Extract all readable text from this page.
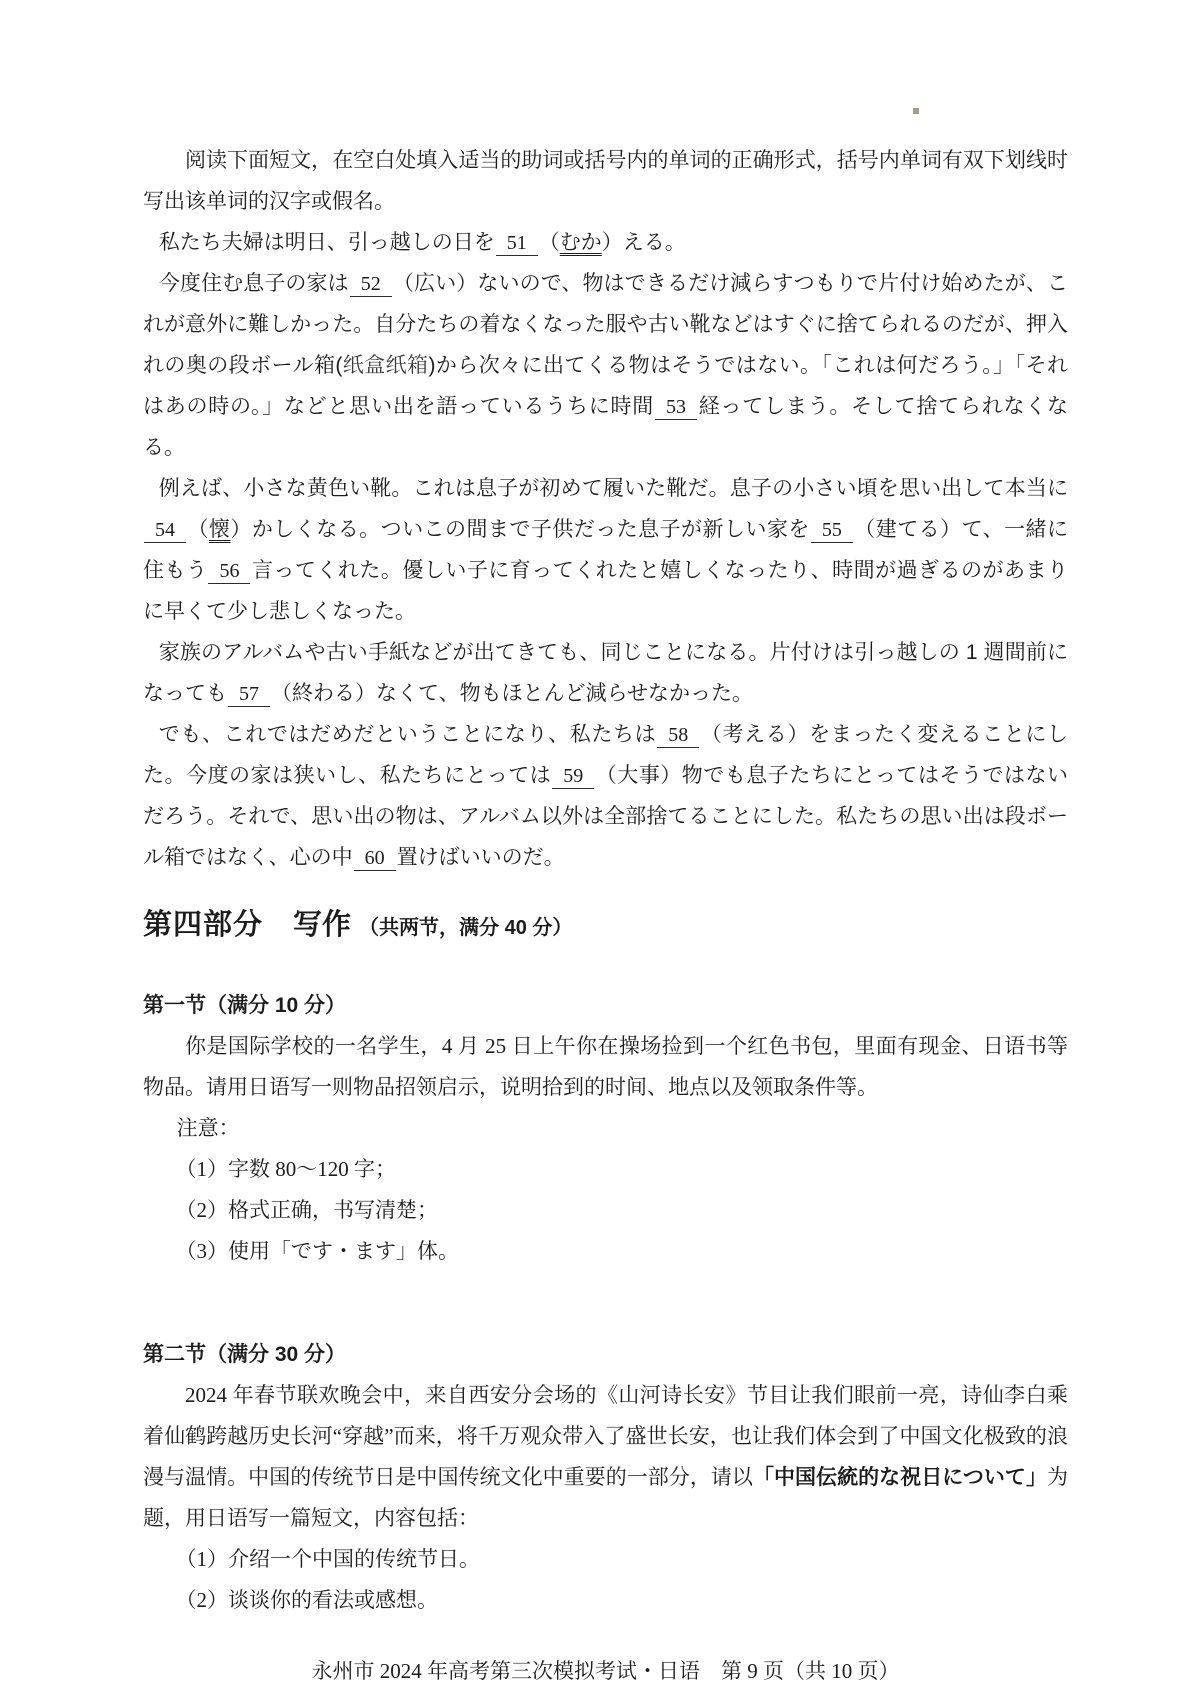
阅读下面短文，在空白处填入适当的助词或括号内的单词的正确形式，括号内单词有双下划线时写出该单词的汉字或假名。
私たち夫婦は明日、引っ越しの日を 51 （むか）える。
今度住む息子の家は 52 （広い）ないので、物はできるだけ減らすつもりで片付け始めたが、これが意外に難しかった。自分たちの着なくなった服や古い靴などはすぐに捨てられるのだが、押入れの奥の段ボール箱(纸盒纸箱)から次々に出てくる物はそうではない。「これは何だろう。」「それはあの時の。」などと思い出を語っているうちに時間 53 経ってしまう。そして捨てられなくなる。
例えば、小さな黄色い靴。これは息子が初めて履いた靴だ。息子の小さい頃を思い出して本当に54 （懐）かしくなる。ついこの間まで子供だった息子が新しい家を 55 （建てる）て、一緒に住もう 56 言ってくれた。優しい子に育ってくれたと嬉しくなったり、時間が過ぎるのがあまりに早くて少し悲しくなった。
家族のアルバムや古い手紙などが出てきても、同じことになる。片付けは引っ越しの 1 週間前になっても 57 （終わる）なくて、物もほとんど減らせなかった。
でも、これではだめだということになり、私たちは 58 （考える）をまったく変えることにした。今度の家は狭いし、私たちにとっては 59 （大事）物でも息子たちにとってはそうではないだろう。それで、思い出の物は、アルバム以外は全部捨てることにした。私たちの思い出は段ボール箱ではなく、心の中 60 置けばいいのだ。
第四部分 写作 （共两节，满分 40 分）
第一节（满分 10 分）
你是国际学校的一名学生，4 月 25 日上午你在操场捡到一个红色书包，里面有现金、日语书等物品。请用日语写一则物品招领启示，说明拾到的时间、地点以及领取条件等。
注意：
（1）字数 80～120 字；
（2）格式正确，书写清楚；
（3）使用「です・ます」体。
第二节（满分 30 分）
2024 年春节联欢晚会中，来自西安分会场的《山河诗长安》节目让我们眼前一亮，诗仙李白乘着仙鹤跨越历史长河“穿越”而来，将千万观众带入了盛世长安，也让我们体会到了中国文化极致的浪漫与温情。中国的传统节日是中国传统文化中重要的一部分，请以「中国伝統的な祝日について」为题，用日语写一篇短文，内容包括：
（1）介绍一个中国的传统节日。
（2）谈谈你的看法或感想。
永州市 2024 年高考第三次模拟考试・日语　第 9 页（共 10 页）
